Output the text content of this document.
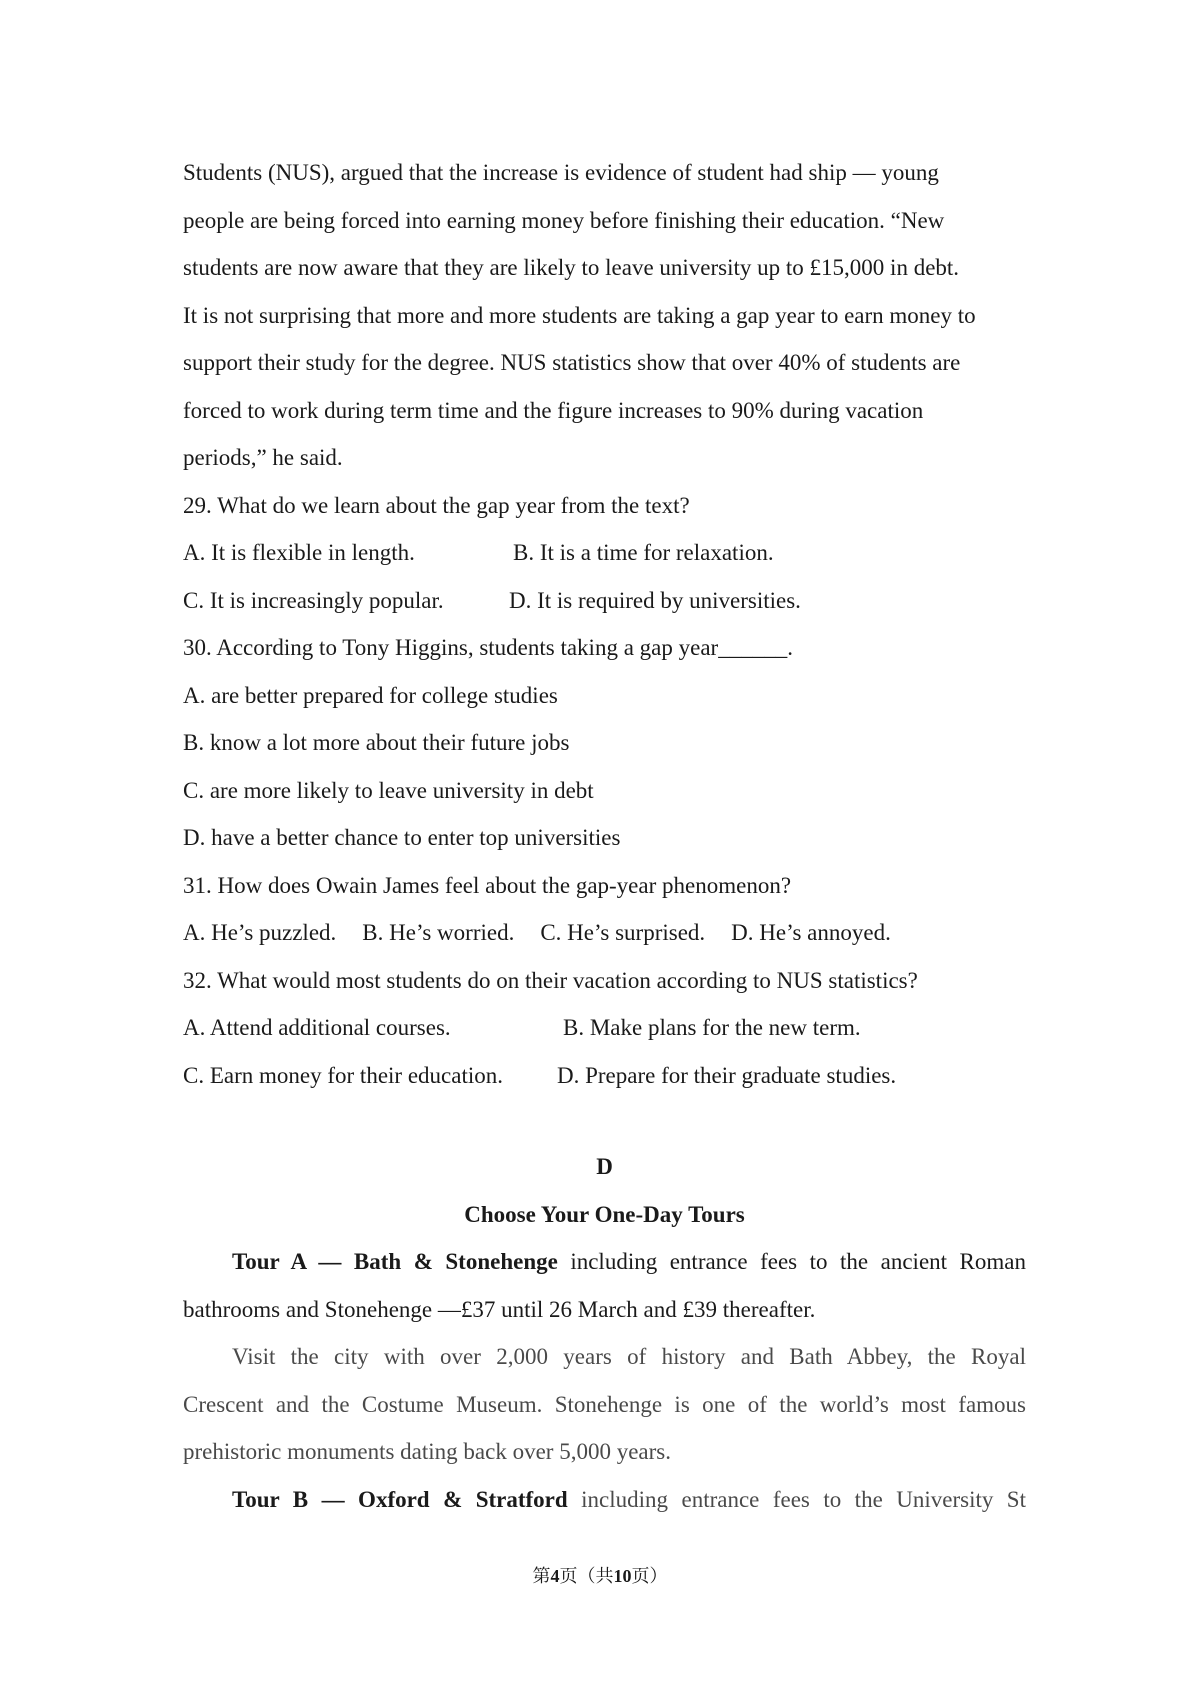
Students (NUS), argued that the increase is evidence of student had ship — young

people are being forced into earning money before finishing their education. “New

students are now aware that they are likely to leave university up to £15,000 in debt.

It is not surprising that more and more students are taking a gap year to earn money to

support their study for the degree. NUS statistics show that over 40% of students are

forced to work during term time and the figure increases to 90% during vacation

periods,” he said.

29. What do we learn about the gap year from the text?

A. It is flexible in length.	B. It is a time for relaxation.
C. It is increasingly popular.	D. It is required by universities.

30. According to Tony Higgins, students taking a gap year______.

A. are better prepared for college studies

B. know a lot more about their future jobs

C. are more likely to leave university in debt

D. have a better chance to enter top universities

31. How does Owain James feel about the gap-year phenomenon?

A. He’s puzzled. B. He’s worried. C. He’s surprised. D. He’s annoyed.

32. What would most students do on their vacation according to NUS statistics?

A. Attend additional courses.	B. Make plans for the new term.
C. Earn money for their education.	D. Prepare for their graduate studies.

D

Choose Your One-Day Tours

Tour A — Bath & Stonehenge including entrance fees to the ancient Roman

bathrooms and Stonehenge —£37 until 26 March and £39 thereafter.

Visit the city with over 2,000 years of history and Bath Abbey, the Royal

Crescent and the Costume Museum. Stonehenge is one of the world’s most famous

prehistoric monuments dating back over 5,000 years.

Tour B — Oxford & Stratford including entrance fees to the University St

第4页（共10页）
